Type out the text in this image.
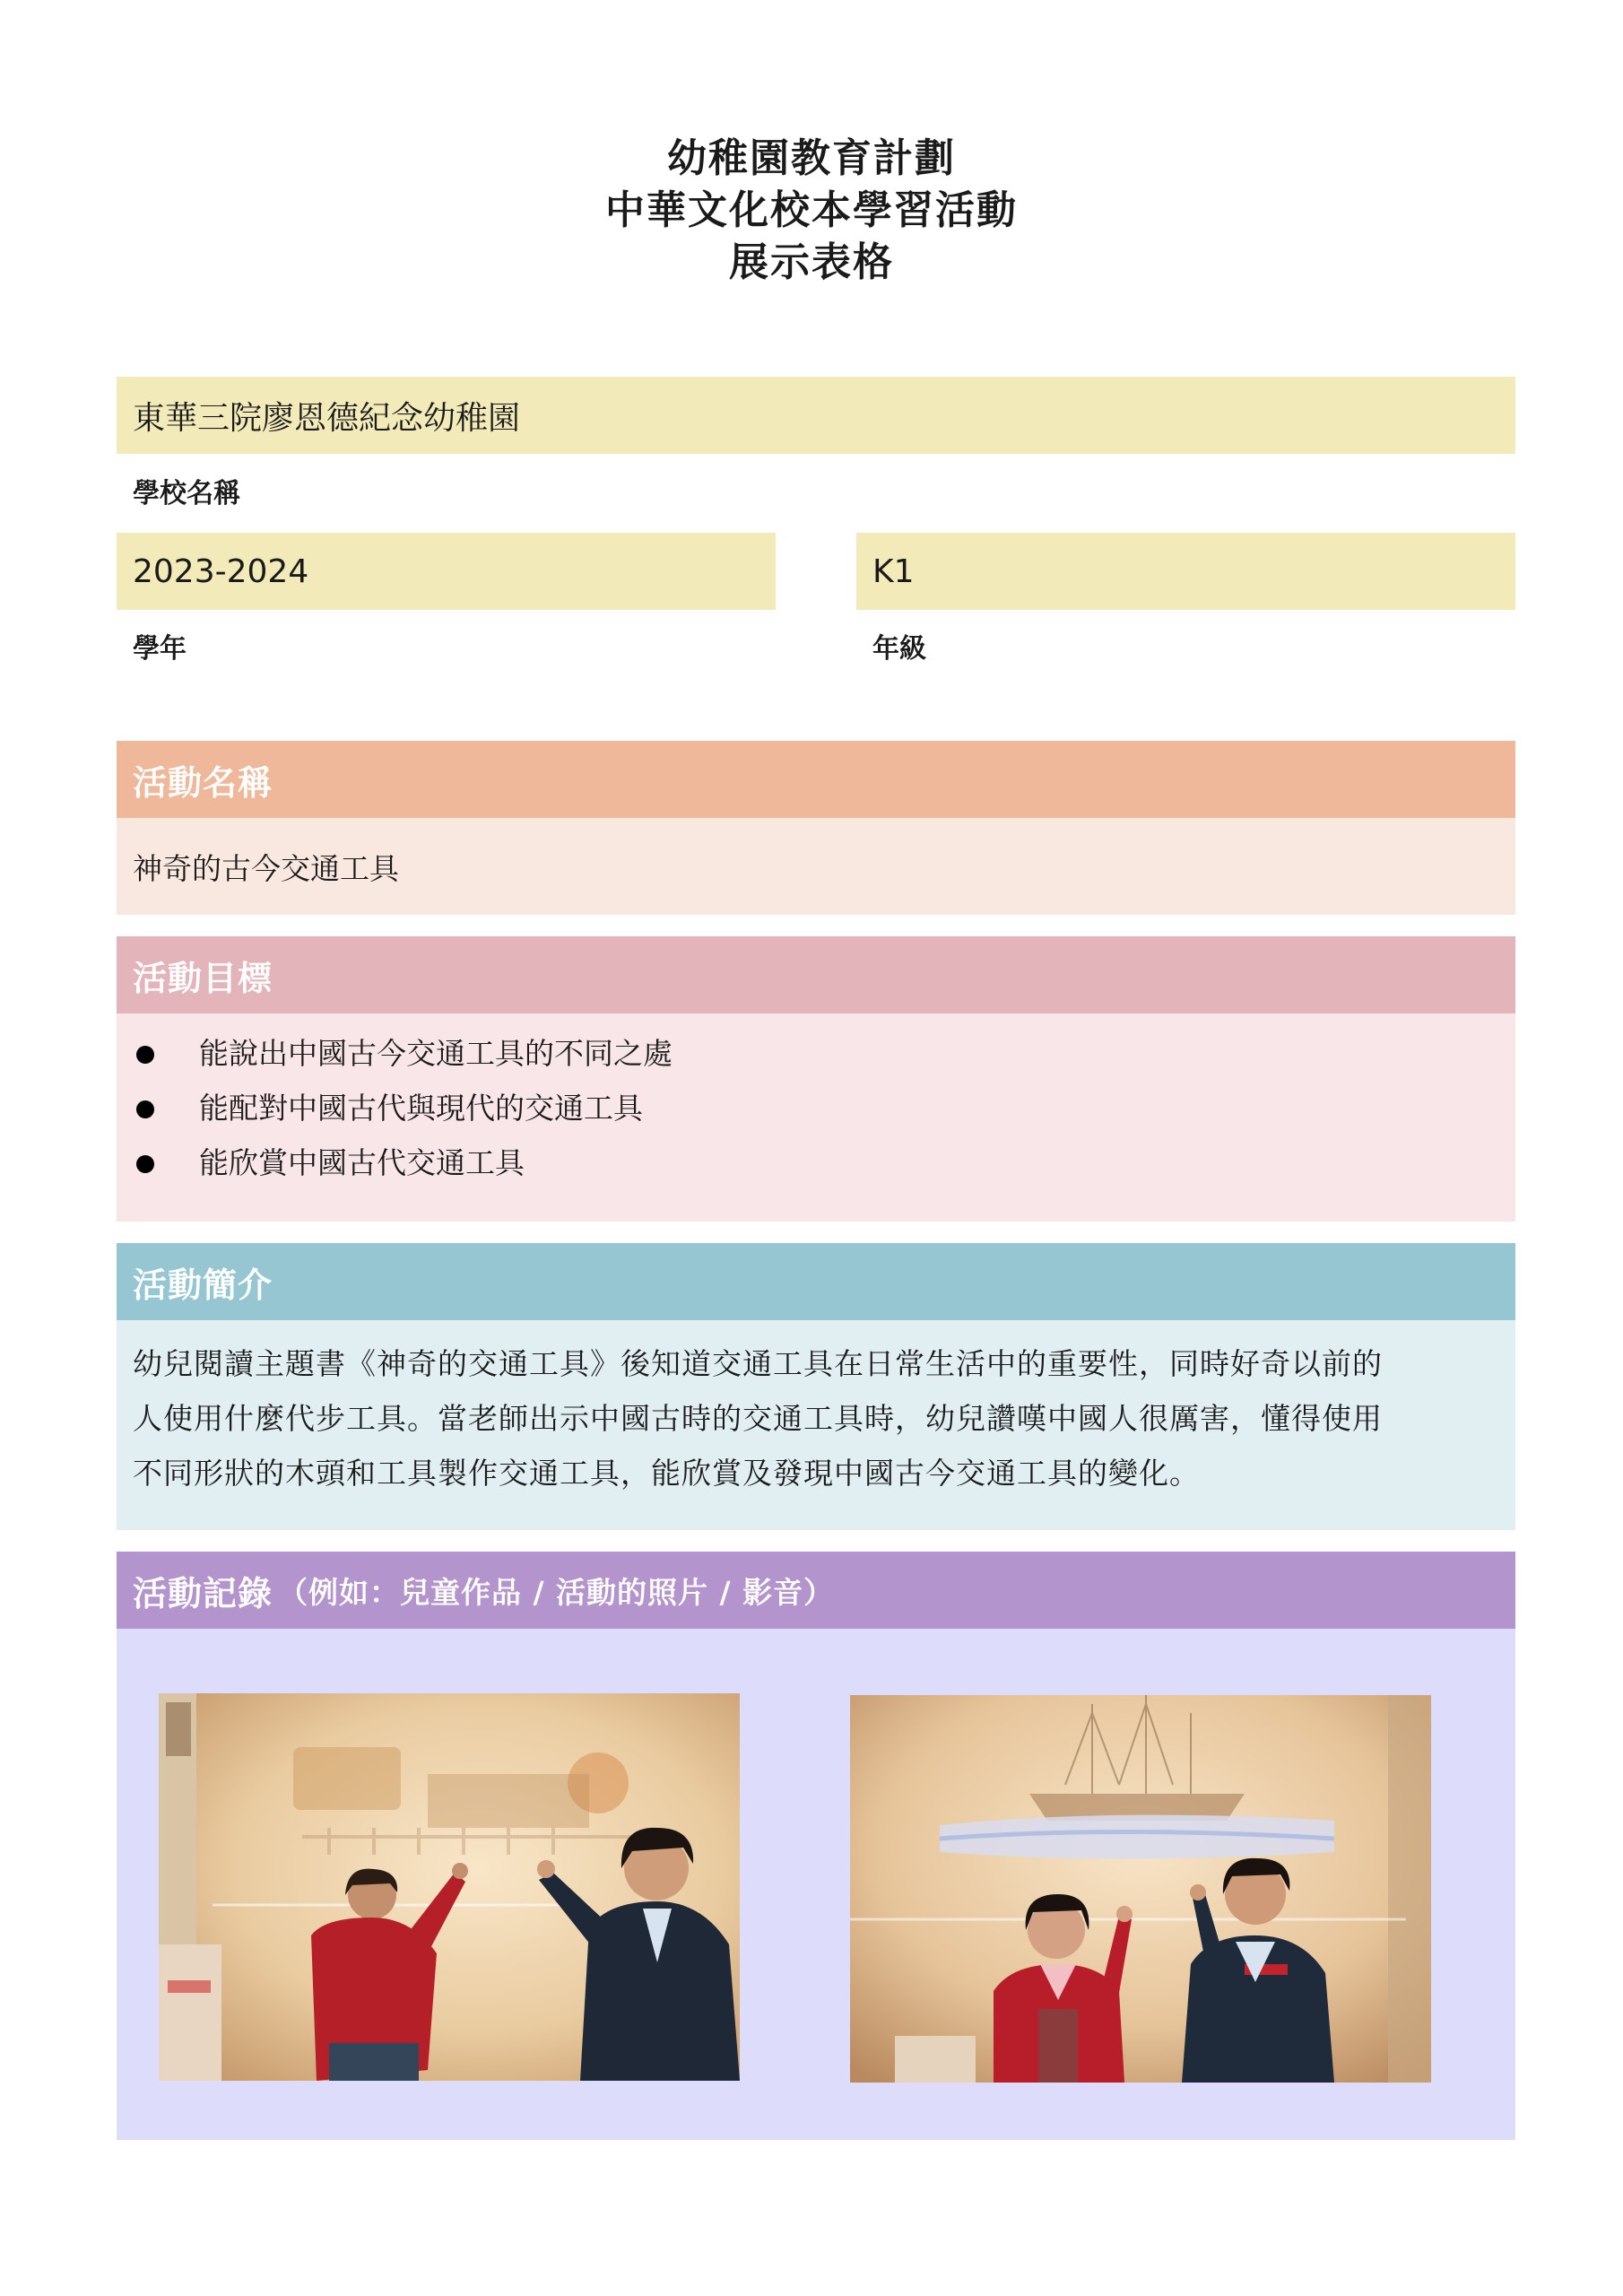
幼稚園教育計劃
中華文化校本學習活動
展示表格
東華三院廖恩德紀念幼稚園
學校名稱
2023-2024
學年
K1
年級
活動名稱
神奇的古今交通工具
活動目標
能說出中國古今交通工具的不同之處
能配對中國古代與現代的交通工具
能欣賞中國古代交通工具
活動簡介
幼兒閱讀主題書《神奇的交通工具》後知道交通工具在日常生活中的重要性，同時好奇以前的
人使用什麼代步工具。當老師出示中國古時的交通工具時，幼兒讚嘆中國人很厲害，懂得使用
不同形狀的木頭和工具製作交通工具，能欣賞及發現中國古今交通工具的變化。
活動記錄 （例如：兒童作品 / 活動的照片 / 影音）
